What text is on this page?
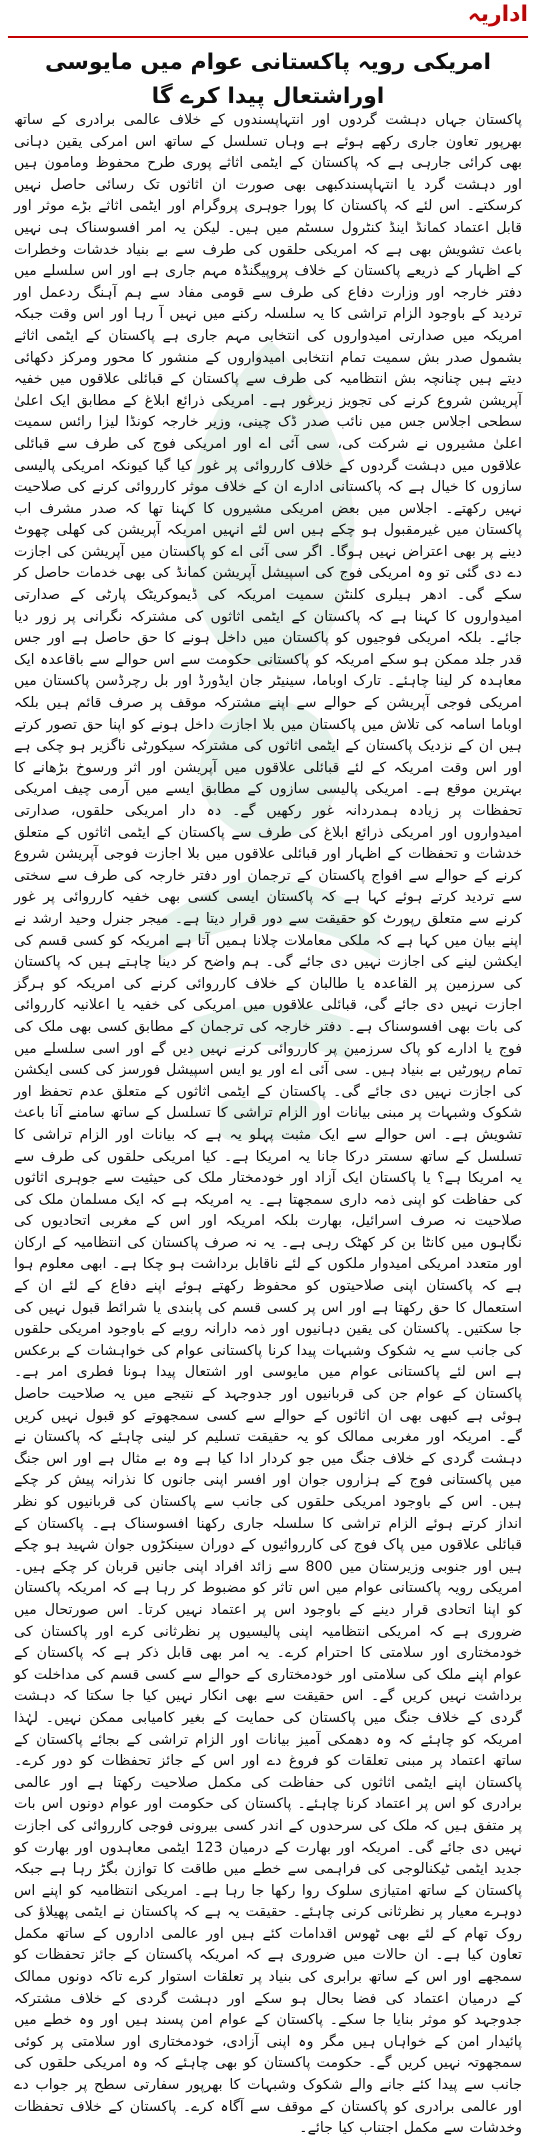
اداریہ
امریکی رویہ پاکستانی عوام میں مایوسی اوراشتعال پیدا کرے گا

پاکستان جہاں دہشت گردوں اور انتہاپسندوں کے خلاف عالمی برادری کے ساتھ بھرپور تعاون جاری رکھے ہوئے ہے وہاں تسلسل کے ساتھ اس امرکی یقین دہانی بھی کرائی جارہی ہے کہ پاکستان کے ایٹمی اثاثے پوری طرح محفوظ ومامون ہیں اور دہشت گرد یا انتہاپسندکبھی بھی صورت ان اثاثوں تک رسائی حاصل نہیں کرسکتے۔ اس لئے کہ پاکستان کا پورا جوہری پروگرام اور ایٹمی اثاثے بڑے موثر اور قابل اعتماد کمانڈ اینڈ کنٹرول سسٹم میں ہیں۔ لیکن یہ امر افسوسناک ہی نہیں باعث تشویش بھی ہے کہ امریکی حلقوں کی طرف سے بے بنیاد خدشات وخطرات کے اظہار کے ذریعے پاکستان کے خلاف پروپیگنڈہ مہم جاری ہے اور اس سلسلے میں دفتر خارجہ اور وزارت دفاع کی طرف سے قومی مفاد سے ہم آہنگ ردعمل اور تردید کے باوجود الزام تراشی کا یہ سلسلہ رکنے میں نہیں آ رہا اور اس وقت جبکہ امریکہ میں صدارتی امیدواروں کی انتخابی مہم جاری ہے پاکستان کے ایٹمی اثاثے بشمول صدر بش سمیت تمام انتخابی امیدواروں کے منشور کا محور ومرکز دکھائی دیتے ہیں چنانچہ بش انتظامیہ کی طرف سے پاکستان کے قبائلی علاقوں میں خفیہ آپریشن شروع کرنے کی تجویز زیرغور ہے۔ امریکی ذرائع ابلاغ کے مطابق ایک اعلیٰ سطحی اجلاس جس میں نائب صدر ڈک چینی، وزیر خارجہ کونڈا لیزا رائس سمیت اعلیٰ مشیروں نے شرکت کی، سی آئی اے اور امریکی فوج کی طرف سے قبائلی علاقوں میں دہشت گردوں کے خلاف کارروائی پر غور کیا گیا کیونکہ امریکی پالیسی سازوں کا خیال ہے کہ پاکستانی ادارے ان کے خلاف موثر کارروائی کرنے کی صلاحیت نہیں رکھتے۔ اجلاس میں بعض امریکی مشیروں کا کہنا تھا کہ صدر مشرف اب پاکستان میں غیرمقبول ہو چکے ہیں اس لئے انہیں امریکہ آپریشن کی کھلی چھوٹ دینے پر بھی اعتراض نہیں ہوگا۔ اگر سی آئی اے کو پاکستان میں آپریشن کی اجازت دے دی گئی تو وہ امریکی فوج کی اسپیشل آپریشن کمانڈ کی بھی خدمات حاصل کر سکے گی۔ ادھر ہیلری کلنٹن سمیت امریکہ کی ڈیموکریٹک پارٹی کے صدارتی امیدواروں کا کہنا ہے کہ پاکستان کے ایٹمی اثاثوں کی مشترکہ نگرانی پر زور دیا جائے۔ بلکہ امریکی فوجیوں کو پاکستان میں داخل ہونے کا حق حاصل ہے اور جس قدر جلد ممکن ہو سکے امریکہ کو پاکستانی حکومت سے اس حوالے سے باقاعدہ ایک معاہدہ کر لینا چاہئے۔ تارک اوباما، سینیٹر جان ایڈورڈ اور بل رچرڈسن پاکستان میں امریکی فوجی آپریشن کے حوالے سے اپنے مشترکہ موقف پر صرف قائم ہیں بلکہ اوباما اسامہ کی تلاش میں پاکستان میں بلا اجازت داخل ہونے کو اپنا حق تصور کرتے ہیں ان کے نزدیک پاکستان کے ایٹمی اثاثوں کی مشترکہ سیکورٹی ناگزیر ہو چکی ہے اور اس وقت امریکہ کے لئے قبائلی علاقوں میں آپریشن اور اثر ورسوخ بڑھانے کا بہترین موقع ہے۔ امریکی پالیسی سازوں کے مطابق ایسے میں آرمی چیف امریکی تحفظات پر زیادہ ہمدردانہ غور رکھیں گے۔ دہ دار امریکی حلقوں، صدارتی امیدواروں اور امریکی ذرائع ابلاغ کی طرف سے پاکستان کے ایٹمی اثاثوں کے متعلق خدشات و تحفظات کے اظہار اور قبائلی علاقوں میں بلا اجازت فوجی آپریشن شروع کرنے کے حوالے سے افواج پاکستان کے ترجمان اور دفتر خارجہ کی طرف سے سختی سے تردید کرتے ہوئے کہا ہے کہ پاکستان ایسی کسی بھی خفیہ کارروائی پر غور کرنے سے متعلق رپورٹ کو حقیقت سے دور قرار دیتا ہے۔ میجر جنرل وحید ارشد نے اپنے بیان میں کہا ہے کہ ملکی معاملات چلانا ہمیں آتا ہے امریکہ کو کسی قسم کی ایکشن لینے کی اجازت نہیں دی جائے گی۔ ہم واضح کر دینا چاہتے ہیں کہ پاکستان کی سرزمین پر القاعدہ یا طالبان کے خلاف کارروائی کرنے کی امریکہ کو ہرگز اجازت نہیں دی جائے گی، قبائلی علاقوں میں امریکی کی خفیہ یا اعلانیہ کارروائی کی بات بھی افسوسناک ہے۔ دفتر خارجہ کی ترجمان کے مطابق کسی بھی ملک کی فوج یا ادارے کو پاک سرزمین پر کارروائی کرنے نہیں دیں گے اور اسی سلسلے میں تمام رپورٹیں بے بنیاد ہیں۔ سی آئی اے اور یو ایس اسپیشل فورسز کی کسی ایکشن کی اجازت نہیں دی جائے گی۔ پاکستان کے ایٹمی اثاثوں کے متعلق عدم تحفظ اور شکوک وشبہات پر مبنی بیانات اور الزام تراشی کا تسلسل کے ساتھ سامنے آنا باعث تشویش ہے۔ اس حوالے سے ایک مثبت پہلو یہ ہے کہ بیانات اور الزام تراشی کا تسلسل کے ساتھ سستر درکا جانا یہ امریکا ہے۔ کیا امریکی حلقوں کی طرف سے یہ امریکا ہے؟ یا پاکستان ایک آزاد اور خودمختار ملک کی حیثیت سے جوہری اثاثوں کی حفاظت کو اپنی ذمہ داری سمجھتا ہے۔ یہ امریکہ ہے کہ ایک مسلمان ملک کی صلاحیت نہ صرف اسرائیل، بھارت بلکہ امریکہ اور اس کے مغربی اتحادیوں کی نگاہوں میں کانٹا بن کر کھٹک رہی ہے۔ یہ نہ صرف پاکستان کی انتظامیہ کے ارکان اور متعدد امریکی امیدوار ملکوں کے لئے ناقابل برداشت ہو چکا ہے۔ ابھی معلوم ہوا ہے کہ پاکستان اپنی صلاحیتوں کو محفوظ رکھتے ہوئے اپنے دفاع کے لئے ان کے استعمال کا حق رکھتا ہے اور اس پر کسی قسم کی پابندی یا شرائط قبول نہیں کی جا سکتیں۔ پاکستان کی یقین دہانیوں اور ذمہ دارانہ رویے کے باوجود امریکی حلقوں کی جانب سے یہ شکوک وشبہات پیدا کرنا پاکستانی عوام کی خواہشات کے برعکس ہے اس لئے پاکستانی عوام میں مایوسی اور اشتعال پیدا ہونا فطری امر ہے۔ پاکستان کے عوام جن کی قربانیوں اور جدوجہد کے نتیجے میں یہ صلاحیت حاصل ہوئی ہے کبھی بھی ان اثاثوں کے حوالے سے کسی سمجھوتے کو قبول نہیں کریں گے۔ امریکہ اور مغربی ممالک کو یہ حقیقت تسلیم کر لینی چاہئے کہ پاکستان نے دہشت گردی کے خلاف جنگ میں جو کردار ادا کیا ہے وہ بے مثال ہے اور اس جنگ میں پاکستانی فوج کے ہزاروں جوان اور افسر اپنی جانوں کا نذرانہ پیش کر چکے ہیں۔ اس کے باوجود امریکی حلقوں کی جانب سے پاکستان کی قربانیوں کو نظر انداز کرتے ہوئے الزام تراشی کا سلسلہ جاری رکھنا افسوسناک ہے۔ پاکستان کے قبائلی علاقوں میں پاک فوج کی کارروائیوں کے دوران سینکڑوں جوان شہید ہو چکے ہیں اور جنوبی وزیرستان میں 800 سے زائد افراد اپنی جانیں قربان کر چکے ہیں۔ امریکی رویہ پاکستانی عوام میں اس تاثر کو مضبوط کر رہا ہے کہ امریکہ پاکستان کو اپنا اتحادی قرار دینے کے باوجود اس پر اعتماد نہیں کرتا۔ اس صورتحال میں ضروری ہے کہ امریکی انتظامیہ اپنی پالیسیوں پر نظرثانی کرے اور پاکستان کی خودمختاری اور سلامتی کا احترام کرے۔ یہ امر بھی قابل ذکر ہے کہ پاکستان کے عوام اپنے ملک کی سلامتی اور خودمختاری کے حوالے سے کسی قسم کی مداخلت کو برداشت نہیں کریں گے۔ اس حقیقت سے بھی انکار نہیں کیا جا سکتا کہ دہشت گردی کے خلاف جنگ میں پاکستان کی حمایت کے بغیر کامیابی ممکن نہیں۔ لہٰذا امریکہ کو چاہئے کہ وہ دھمکی آمیز بیانات اور الزام تراشی کے بجائے پاکستان کے ساتھ اعتماد پر مبنی تعلقات کو فروغ دے اور اس کے جائز تحفظات کو دور کرے۔ پاکستان اپنے ایٹمی اثاثوں کی حفاظت کی مکمل صلاحیت رکھتا ہے اور عالمی برادری کو اس پر اعتماد کرنا چاہئے۔ پاکستان کی حکومت اور عوام دونوں اس بات پر متفق ہیں کہ ملک کی سرحدوں کے اندر کسی بیرونی فوجی کارروائی کی اجازت نہیں دی جائے گی۔ امریکہ اور بھارت کے درمیان 123 ایٹمی معاہدوں اور بھارت کو جدید ایٹمی ٹیکنالوجی کی فراہمی سے خطے میں طاقت کا توازن بگڑ رہا ہے جبکہ پاکستان کے ساتھ امتیازی سلوک روا رکھا جا رہا ہے۔ امریکی انتظامیہ کو اپنے اس دوہرے معیار پر نظرثانی کرنی چاہئے۔ حقیقت یہ ہے کہ پاکستان نے ایٹمی پھیلاؤ کی روک تھام کے لئے بھی ٹھوس اقدامات کئے ہیں اور عالمی اداروں کے ساتھ مکمل تعاون کیا ہے۔ ان حالات میں ضروری ہے کہ امریکہ پاکستان کے جائز تحفظات کو سمجھے اور اس کے ساتھ برابری کی بنیاد پر تعلقات استوار کرے تاکہ دونوں ممالک کے درمیان اعتماد کی فضا بحال ہو سکے اور دہشت گردی کے خلاف مشترکہ جدوجہد کو موثر بنایا جا سکے۔ پاکستان کے عوام امن پسند ہیں اور وہ خطے میں پائیدار امن کے خواہاں ہیں مگر وہ اپنی آزادی، خودمختاری اور سلامتی پر کوئی سمجھوتہ نہیں کریں گے۔ حکومت پاکستان کو بھی چاہئے کہ وہ امریکی حلقوں کی جانب سے پیدا کئے جانے والے شکوک وشبہات کا بھرپور سفارتی سطح پر جواب دے اور عالمی برادری کو پاکستان کے موقف سے آگاہ کرے۔ پاکستان کے خلاف تحفظات وخدشات سے مکمل اجتناب کیا جائے۔
